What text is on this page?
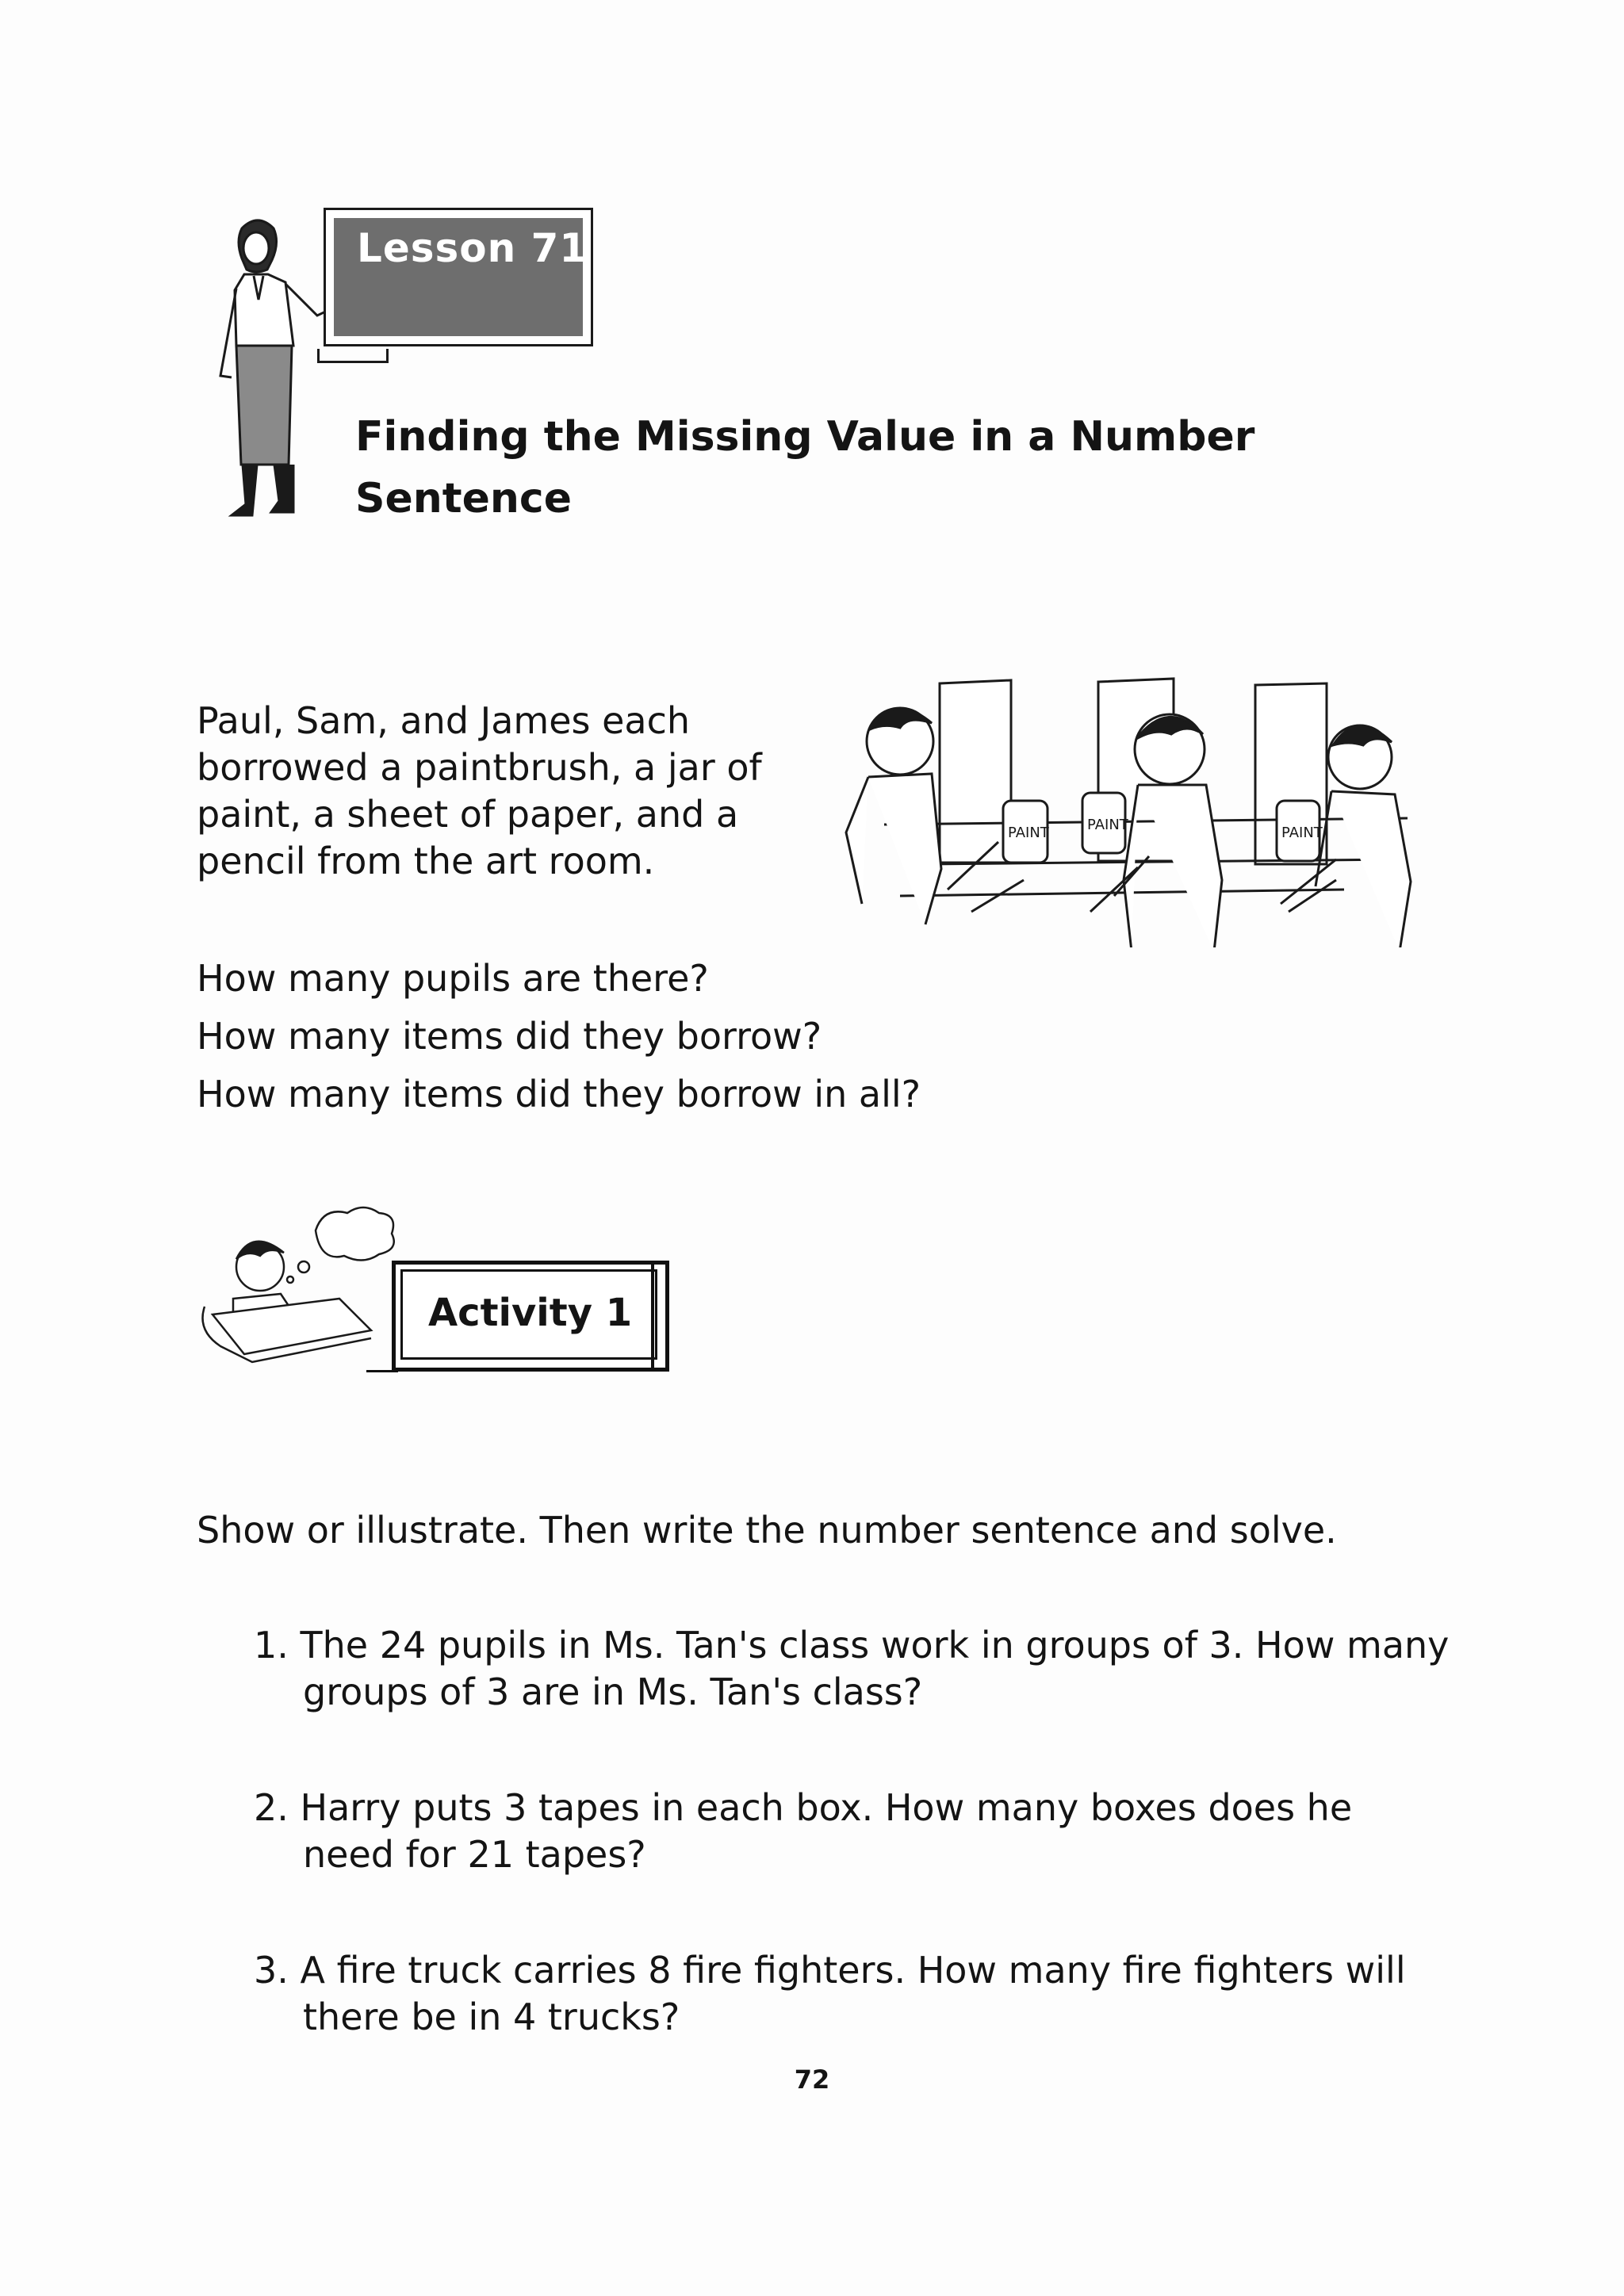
Lesson 71
Finding the Missing Value in a Number
Sentence
Paul, Sam, and James each
borrowed a paintbrush, a jar of
paint, a sheet of paper, and a
pencil from the art room.
PAINT	PAINT	PAINT
How many pupils are there?
How many items did they borrow?
How many items did they borrow in all?
Activity 1
Show or illustrate. Then write the number sentence and solve.
1. The 24 pupils in Ms. Tan's class work in groups of 3. How many
groups of 3 are in Ms. Tan's class?
2. Harry puts 3 tapes in each box. How many boxes does he
need for 21 tapes?
3. A fire truck carries 8 fire fighters. How many fire fighters will
there be in 4 trucks?
72
